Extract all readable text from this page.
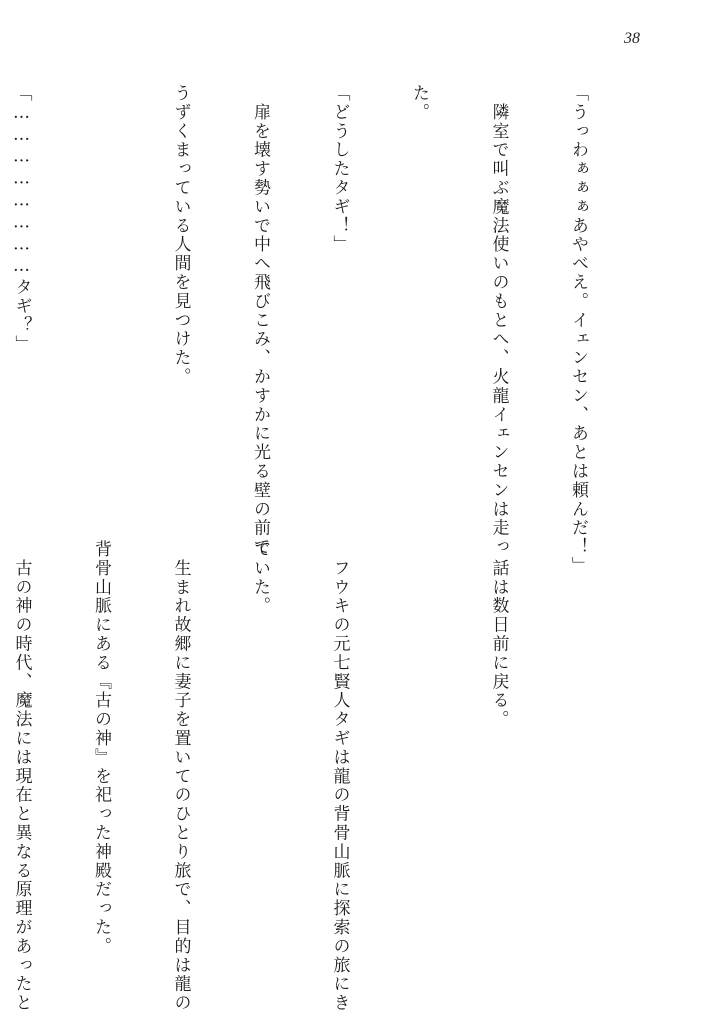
38

「うっわぁぁぁあやべえ。イェンセン、あとは頼んだ！」

　隣室で叫ぶ魔法使いのもとへ、火龍イェンセンは走っ

た。

「どうしたタギ！」

　扉を壊す勢いで中へ飛びこみ、かすかに光る壁の前で

うずくまっている人間を見つけた。

「……………………タギ？」

　話は数日前に戻る。

　フウキの元七賢人タギは龍の背骨山脈に探索の旅にき

ていた。

　生まれ故郷に妻子を置いてのひとり旅で、目的は龍の

背骨山脈にある『古の神』を祀った神殿だった。

　古の神の時代、魔法には現在と異なる原理があったと
